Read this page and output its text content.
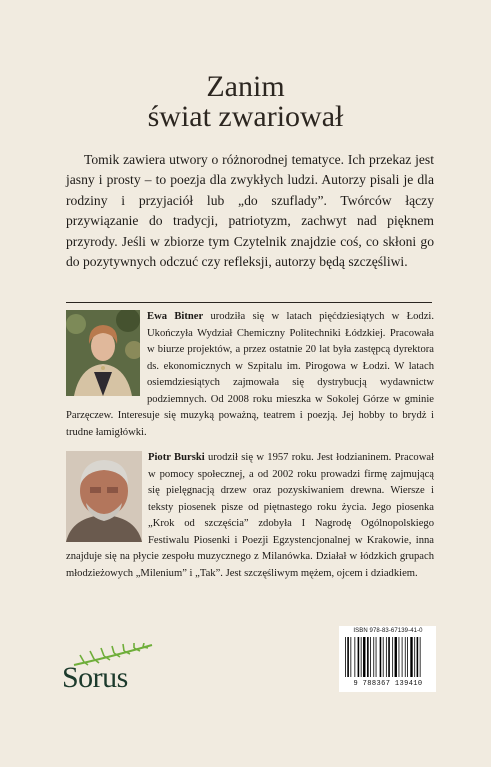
Zanim
świat zwariował

Tomik zawiera utwory o różnorodnej tematyce. Ich przekaz jest jasny i prosty – to poezja dla zwykłych ludzi. Autorzy pisali je dla rodziny i przyjaciół lub „do szuflady”. Twórców łączy przywiązanie do tradycji, patriotyzm, zachwyt nad pięknem przyrody. Jeśli w zbiorze tym Czytelnik znajdzie coś, co skłoni go do pozytywnych odczuć czy refleksji, autorzy będą szczęśliwi.

Ewa Bitner urodziła się w latach pięćdziesiątych w Łodzi. Ukończyła Wydział Chemiczny Politechniki Łódzkiej. Pracowała w biurze projektów, a przez ostatnie 20 lat była zastępcą dyrektora ds. ekonomicznych w Szpitalu im. Pirogowa w Łodzi. W latach osiemdziesiątych zajmowała się dystrybucją wydawnictw podziemnych. Od 2008 roku mieszka w Sokolej Górze w gminie Parzęczew. Interesuje się muzyką poważną, teatrem i poezją. Jej hobby to brydż i trudne łamigłówki.
Piotr Burski urodził się w 1957 roku. Jest łodzianinem. Pracował w pomocy społecznej, a od 2002 roku prowadzi firmę zajmującą się pielęgnacją drzew oraz pozyskiwaniem drewna. Wiersze i teksty piosenek pisze od piętnastego roku życia. Jego piosenka „Krok od szczęścia” zdobyła I Nagrodę Ogólnopolskiego Festiwalu Piosenki i Poezji Egzystencjonalnej w Krakowie, inna znajduje się na płycie zespołu muzycznego z Milanówka. Działał w łódzkich grupach młodzieżowych „Milenium” i „Tak”. Jest szczęśliwym mężem, ojcem i dziadkiem.
Sorus
ISBN 978-83-67139-41-0
9 788367 139410
